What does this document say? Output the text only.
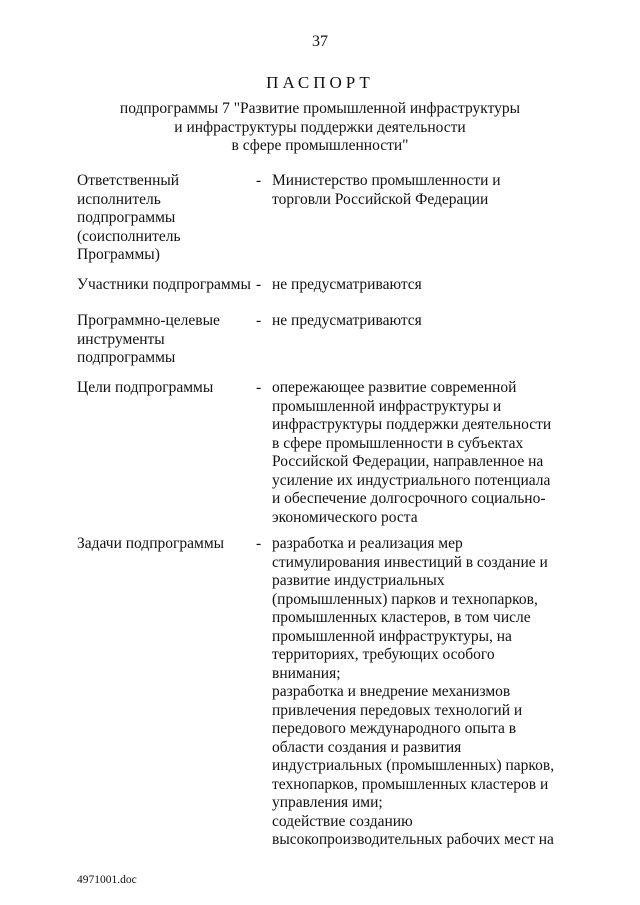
37
ПАСПОРТ
подпрограммы 7 "Развитие промышленной инфраструктуры
и инфраструктуры поддержки деятельности
в сфере промышленности"
Ответственный
исполнитель
подпрограммы
(соисполнитель
Программы)
- Министерство промышленности и
торговли Российской Федерации
Участники подпрограммы - не предусматриваются
Программно-целевые
инструменты
подпрограммы
- не предусматриваются
Цели подпрограммы	- опережающее развитие современной
промышленной инфраструктуры и
инфраструктуры поддержки деятельности
в сфере промышленности в субъектах
Российской Федерации, направленное на
усиление их индустриального потенциала
и обеспечение долгосрочного социально-
экономического роста
Задачи подпрограммы	- разработка и реализация мер
стимулирования инвестиций в создание и
развитие индустриальных
(промышленных) парков и технопарков,
промышленных кластеров, в том числе
промышленной инфраструктуры, на
территориях, требующих особого
внимания;
разработка и внедрение механизмов
привлечения передовых технологий и
передового международного опыта в
области создания и развития
индустриальных (промышленных) парков,
технопарков, промышленных кластеров и
управления ими;
содействие созданию
высокопроизводительных рабочих мест на
4971001.doc
